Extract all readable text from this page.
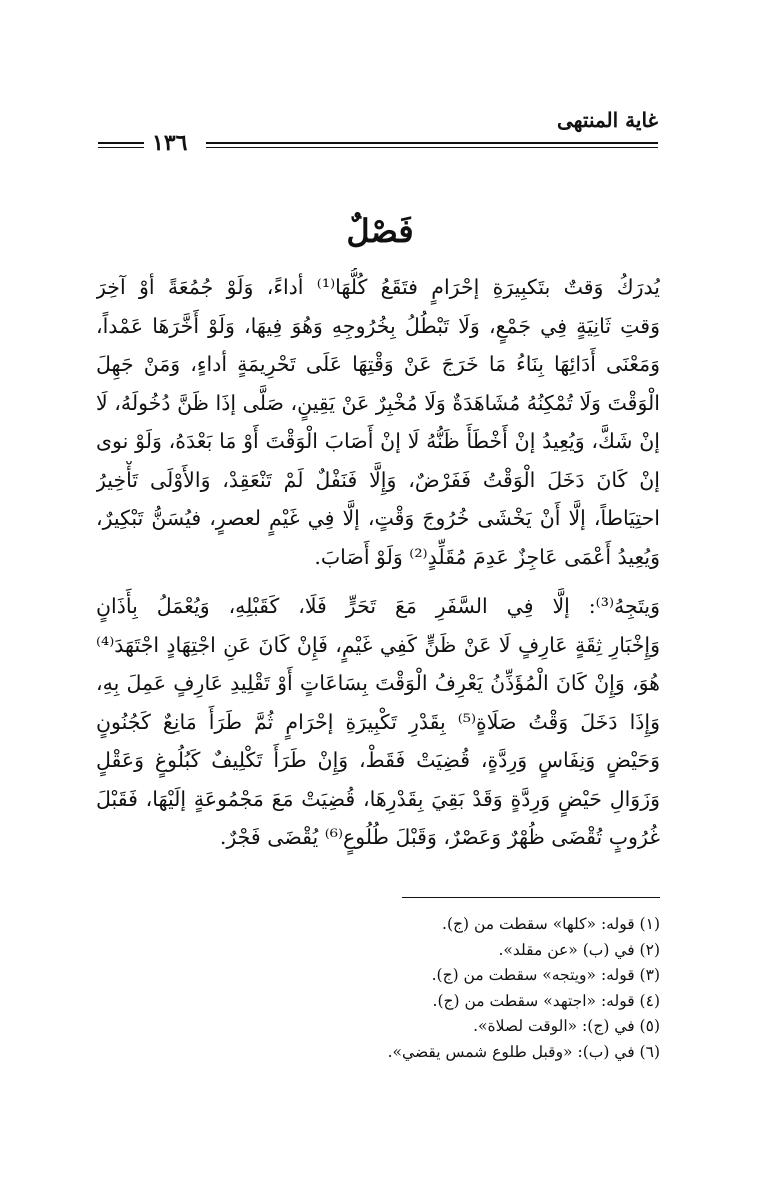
غاية المنتهى
١٣٦
فَصْلٌ
يُدرَكُ وَقتٌ بتَكبِيرَةِ إحْرَامٍ فتَقَعُ كُلُّهَا⁽¹⁾ أداءً، وَلَوْ جُمُعَةً أوْ آخِرَ
وَقتِ ثَانِيَةٍ فِي جَمْعٍ، وَلَا تَبْطُلُ بِخُرُوجِهِ وَهُوَ فِيهَا، وَلَوْ أَخَّرَهَا عَمْداً،
وَمَعْنَى أَدَائِهَا بِنَاءُ مَا خَرَجَ عَنْ وَقْتِهَا عَلَى تَحْرِيمَةٍ أداءٍ، وَمَنْ جَهِلَ
الْوَقْتَ وَلَا تُمْكِنُهُ مُشَاهَدَةٌ وَلَا مُخْبِرٌ عَنْ يَقِينٍ، صَلَّى إذَا ظَنَّ دُخُولَهُ، لَا
إنْ شَكَّ، وَيُعِيدُ إنْ أَخْطَأَ ظَنُّهُ لَا إنْ أَصَابَ الْوَقْتَ أَوْ مَا بَعْدَهُ، وَلَوْ نوى
إنْ كَانَ دَخَلَ الْوَقْتُ فَفَرْضٌ، وَإِلَّا فَنَفْلٌ لَمْ تَنْعَقِدْ، وَالأَوْلَى تَأْخِيرُ
احتِيَاطاً، إلَّا أَنْ يَخْشَى خُرُوجَ وَقْتٍ، إلَّا فِي غَيْمٍ لعصرٍ، فيُسَنُّ تَبْكِيرٌ،
وَيُعِيدُ أَعْمَى عَاجِزٌ عَدِمَ مُقَلِّدٍ⁽²⁾ وَلَوْ أَصَابَ.
وَيتَجِهُ⁽³⁾: إلَّا فِي السَّفَرِ مَعَ تَحَرٍّ فَلَا، كَقَبْلِهِ، وَيُعْمَلُ بِأَذَانٍ
وَإِخْبَارِ ثِقَةٍ عَارِفٍ لَا عَنْ ظَنٍّ كَفِي غَيْمٍ، فَإِنْ كَانَ عَنِ اجْتِهَادٍ اجْتَهَدَ⁽⁴⁾
هُوَ، وَإِنْ كَانَ الْمُؤَذِّنُ يَعْرِفُ الْوَقْتَ بِسَاعَاتٍ أَوْ تَقْلِيدِ عَارِفٍ عَمِلَ بِهِ،
وَإِذَا دَخَلَ وَقْتُ صَلَاةٍ⁽⁵⁾ بِقَدْرِ تَكْبِيرَةِ إحْرَامٍ ثُمَّ طَرَأَ مَانِعٌ كَجُنُونٍ
وَحَيْضٍ وَنِفَاسٍ وَرِدَّةٍ، قُضِيَتْ فَقَطْ، وَإِنْ طَرَأَ تَكْلِيفٌ كَبُلُوغٍ وَعَقْلٍ
وَزَوَالِ حَيْضٍ وَرِدَّةٍ وَقَدْ بَقِيَ بِقَدْرِهَا، قُضِيَتْ مَعَ مَجْمُوعَةٍ إلَيْهَا، فَقَبْلَ
غُرُوبٍ تُقْضَى ظُهْرٌ وَعَصْرٌ، وَقَبْلَ طُلُوعٍ⁽⁶⁾ يُقْضَى فَجْرٌ.
(١) قوله: «كلها» سقطت من (ج).
(٢) في (ب) «عن مقلد».
(٣) قوله: «ويتجه» سقطت من (ج).
(٤) قوله: «اجتهد» سقطت من (ج).
(٥) في (ج): «الوقت لصلاة».
(٦) في (ب): «وقبل طلوع شمس يقضي».
